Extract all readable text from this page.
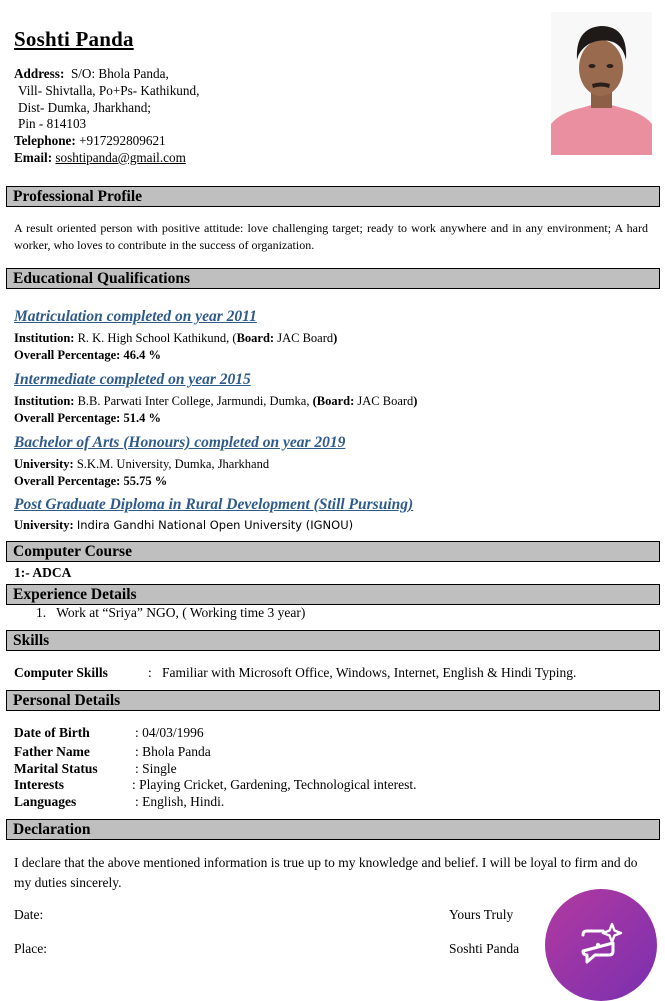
Soshti Panda
Address: S/O: Bhola Panda,
Vill- Shivtalla, Po+Ps- Kathikund,
Dist- Dumka, Jharkhand;
Pin - 814103
Telephone: +917292809621
Email: soshtipanda@gmail.com
Professional Profile
A result oriented person with positive attitude: love challenging target; ready to work anywhere and in any environment; A hard worker, who loves to contribute in the success of organization.
Educational Qualifications
Matriculation completed on year 2011
Institution: R. K. High School Kathikund, (Board: JAC Board)
Overall Percentage: 46.4 %
Intermediate completed on year 2015
Institution: B.B. Parwati Inter College, Jarmundi, Dumka, (Board: JAC Board)
Overall Percentage: 51.4 %
Bachelor of Arts (Honours) completed on year 2019
University: S.K.M. University, Dumka, Jharkhand
Overall Percentage: 55.75 %
Post Graduate Diploma in Rural Development (Still Pursuing)
University: Indira Gandhi National Open University (IGNOU)
Computer Course
1:- ADCA
Experience Details
1. Work at “Sriya” NGO, ( Working time 3 year)
Skills
Computer Skills	: Familiar with Microsoft Office, Windows, Internet, English & Hindi Typing.
Personal Details
Date of Birth	: 04/03/1996
Father Name	: Bhola Panda
Marital Status	: Single
Interests	: Playing Cricket, Gardening, Technological interest.
Languages	: English, Hindi.
Declaration
I declare that the above mentioned information is true up to my knowledge and belief. I will be loyal to firm and do my duties sincerely.
Date:
Place:
Yours Truly
Soshti Panda
